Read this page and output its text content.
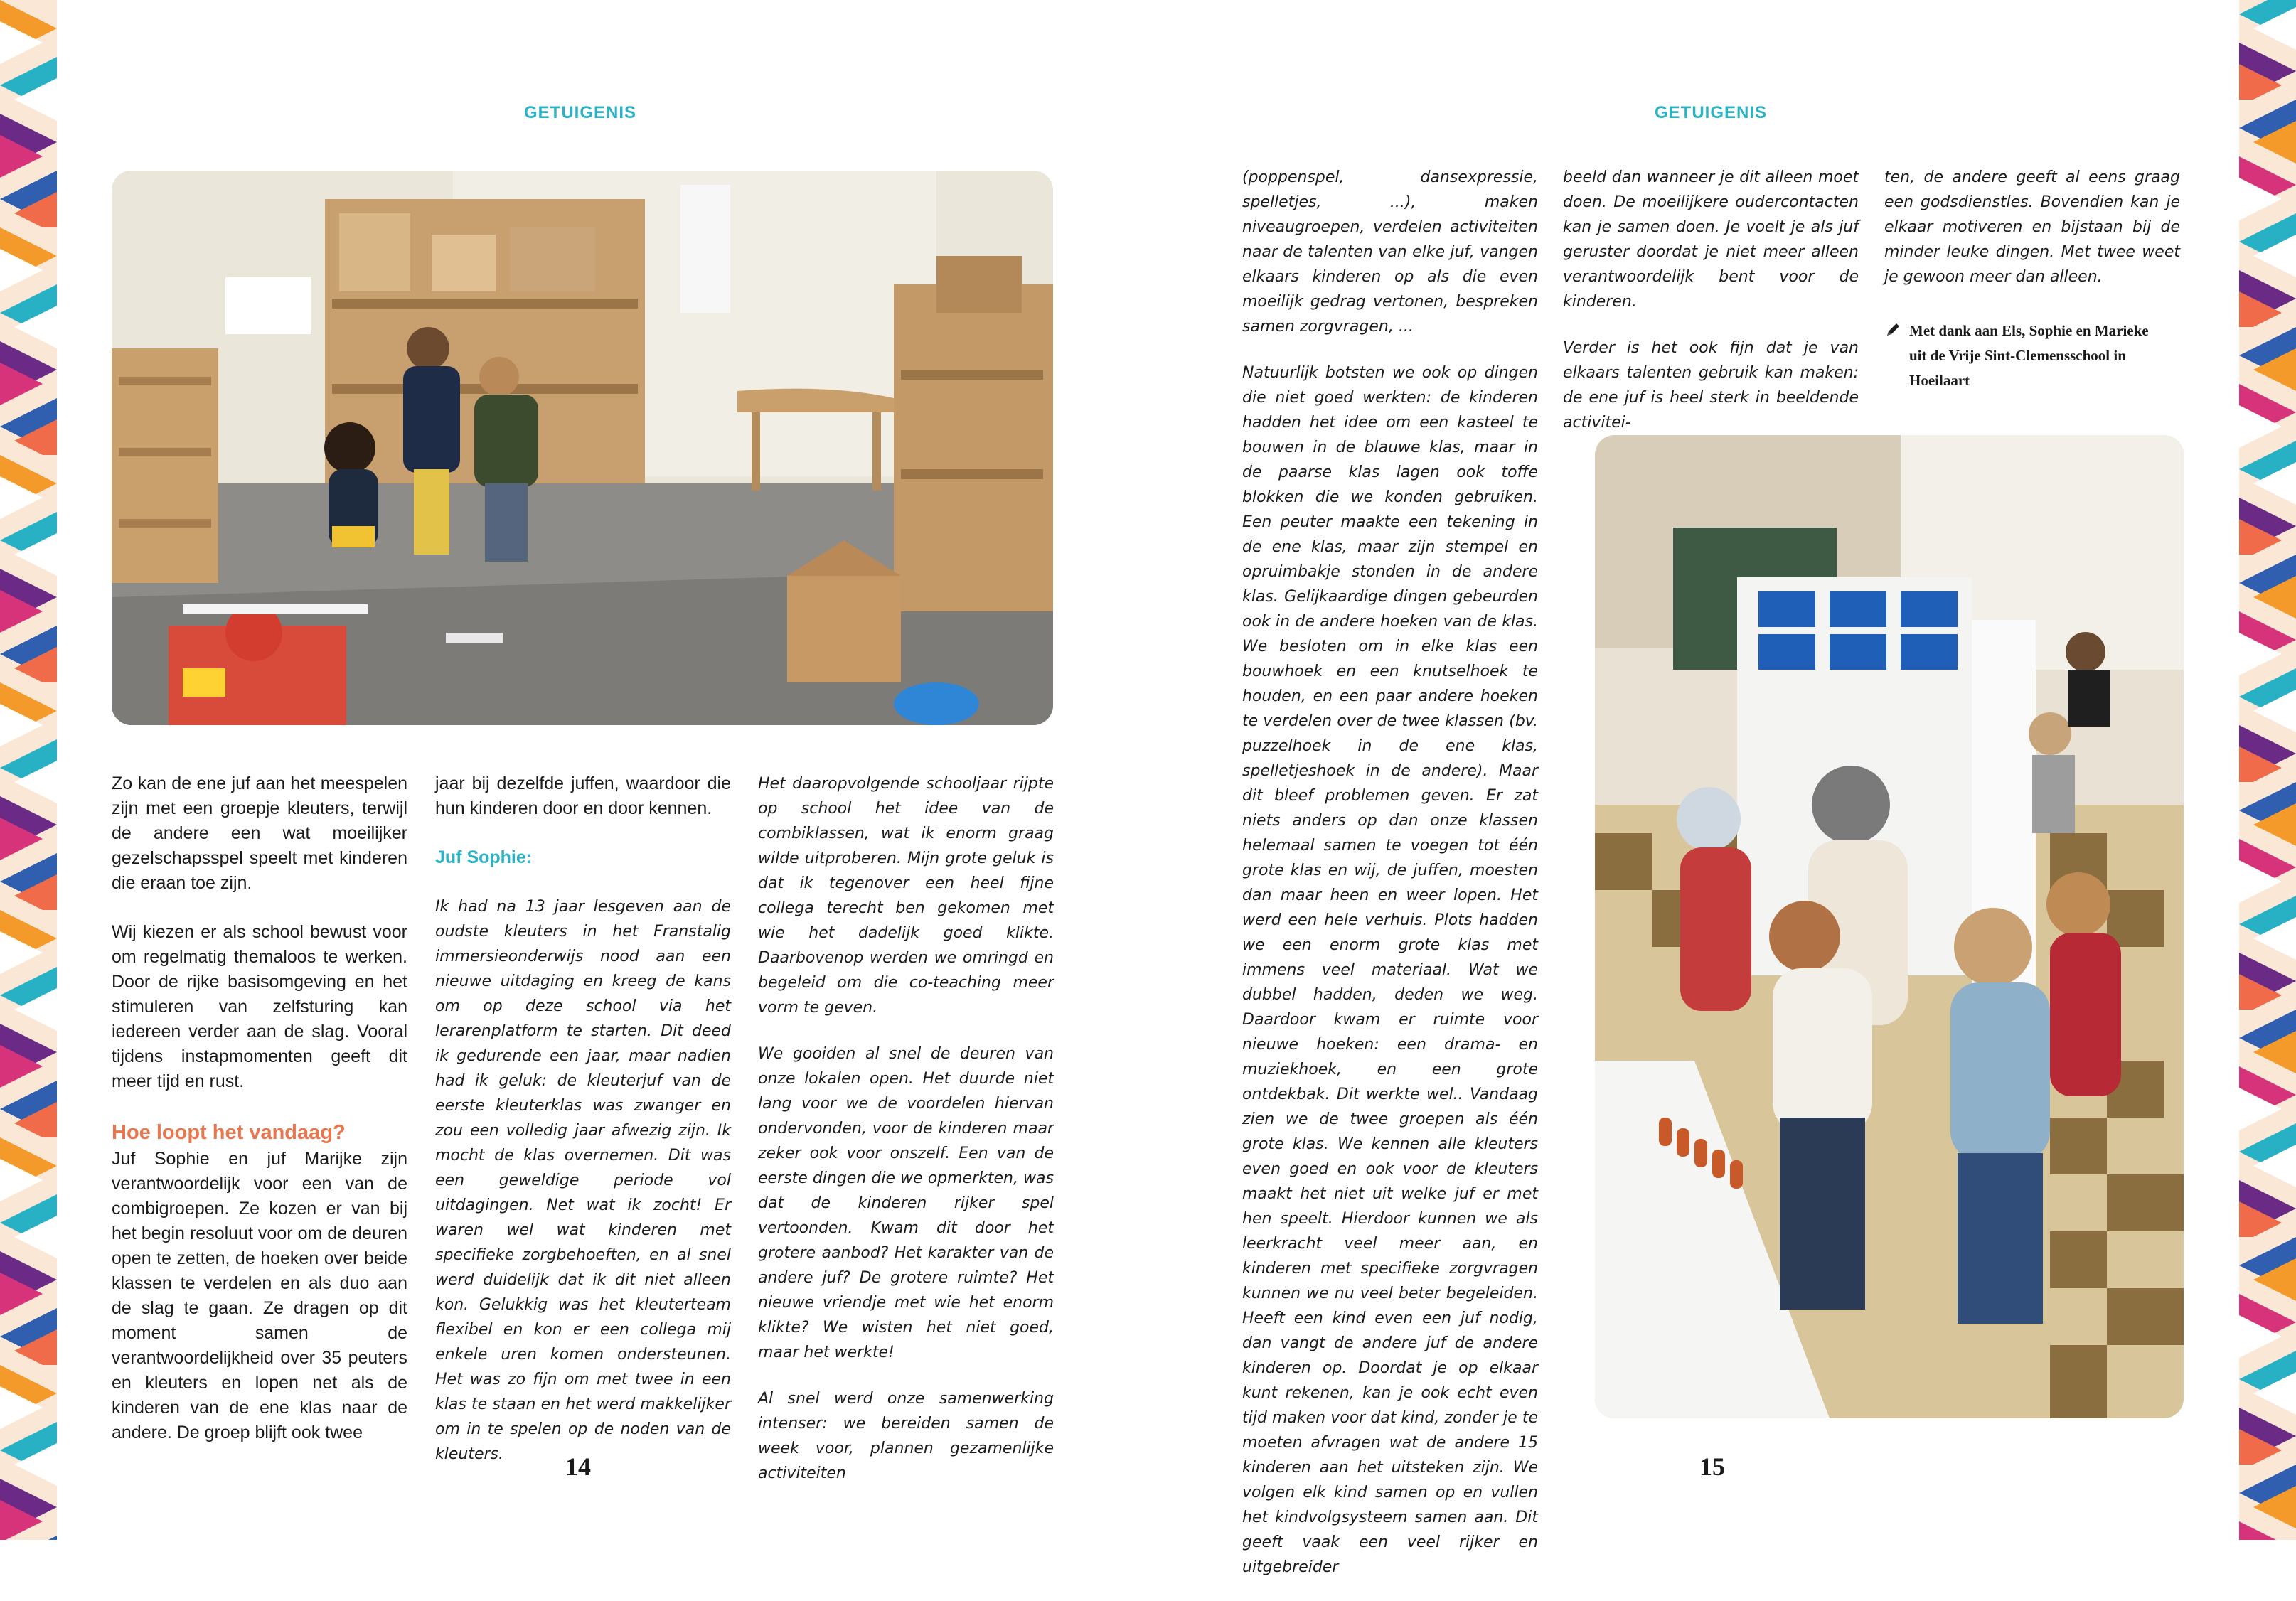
GETUIGENIS

Zo kan de ene juf aan het meespelen zijn met een groepje kleuters, terwijl de andere een wat moeilijker gezelschapsspel speelt met kinderen die eraan toe zijn.

Wij kiezen er als school bewust voor om regelmatig themaloos te werken. Door de rijke basisomgeving en het stimuleren van zelfsturing kan iedereen verder aan de slag. Vooral tijdens instapmomenten geeft dit meer tijd en rust.

Hoe loopt het vandaag?

Juf Sophie en juf Marijke zijn verantwoordelijk voor een van de combigroepen. Ze kozen er van bij het begin resoluut voor om de deuren open te zetten, de hoeken over beide klassen te verdelen en als duo aan de slag te gaan. Ze dragen op dit moment samen de verantwoordelijkheid over 35 peuters en kleuters en lopen net als de kinderen van de ene klas naar de andere. De groep blijft ook twee

jaar bij dezelfde juffen, waardoor die hun kinderen door en door kennen.

Juf Sophie:

Ik had na 13 jaar lesgeven aan de oudste kleuters in het Franstalig immersieonderwijs nood aan een nieuwe uitdaging en kreeg de kans om op deze school via het lerarenplatform te starten. Dit deed ik gedurende een jaar, maar nadien had ik geluk: de kleuterjuf van de eerste kleuterklas was zwanger en zou een volledig jaar afwezig zijn. Ik mocht de klas overnemen. Dit was een geweldige periode vol uitdagingen. Net wat ik zocht! Er waren wel wat kinderen met specifieke zorgbehoeften, en al snel werd duidelijk dat ik dit niet alleen kon. Gelukkig was het kleuterteam flexibel en kon er een collega mij enkele uren komen ondersteunen. Het was zo fijn om met twee in een klas te staan en het werd makkelijker om in te spelen op de noden van de kleuters.

Het daaropvolgende schooljaar rijpte op school het idee van de combiklassen, wat ik enorm graag wilde uitproberen. Mijn grote geluk is dat ik tegenover een heel fijne collega terecht ben gekomen met wie het dadelijk goed klikte. Daarbovenop werden we omringd en begeleid om die co-teaching meer vorm te geven.

We gooiden al snel de deuren van onze lokalen open. Het duurde niet lang voor we de voordelen hiervan ondervonden, voor de kinderen maar zeker ook voor onszelf. Een van de eerste dingen die we opmerkten, was dat de kinderen rijker spel vertoonden. Kwam dit door het grotere aanbod? Het karakter van de andere juf? De grotere ruimte? Het nieuwe vriendje met wie het enorm klikte? We wisten het niet goed, maar het werkte!

Al snel werd onze samenwerking intenser: we bereiden samen de week voor, plannen gezamenlijke activiteiten

14
GETUIGENIS

(poppenspel, dansexpressie, spelletjes, ...), maken niveaugroepen, verdelen activiteiten naar de talenten van elke juf, vangen elkaars kinderen op als die even moeilijk gedrag vertonen, bespreken samen zorgvragen, ...

Natuurlijk botsten we ook op dingen die niet goed werkten: de kinderen hadden het idee om een kasteel te bouwen in de blauwe klas, maar in de paarse klas lagen ook toffe blokken die we konden gebruiken. Een peuter maakte een tekening in de ene klas, maar zijn stempel en opruimbakje stonden in de andere klas. Gelijkaardige dingen gebeurden ook in de andere hoeken van de klas. We besloten om in elke klas een bouwhoek en een knutselhoek te houden, en een paar andere hoeken te verdelen over de twee klassen (bv. puzzelhoek in de ene klas, spelletjeshoek in de andere). Maar dit bleef problemen geven. Er zat niets anders op dan onze klassen helemaal samen te voegen tot één grote klas en wij, de juffen, moesten dan maar heen en weer lopen. Het werd een hele verhuis. Plots hadden we een enorm grote klas met immens veel materiaal. Wat we dubbel hadden, deden we weg. Daardoor kwam er ruimte voor nieuwe hoeken: een drama- en muziekhoek, en een grote ontdekbak. Dit werkte wel.. Vandaag zien we de twee groepen als één grote klas. We kennen alle kleuters even goed en ook voor de kleuters maakt het niet uit welke juf er met hen speelt. Hierdoor kunnen we als leerkracht veel meer aan, en kinderen met specifieke zorgvragen kunnen we nu veel beter begeleiden. Heeft een kind even een juf nodig, dan vangt de andere juf de andere kinderen op. Doordat je op elkaar kunt rekenen, kan je ook echt even tijd maken voor dat kind, zonder je te moeten afvragen wat de andere 15 kinderen aan het uitsteken zijn. We volgen elk kind samen op en vullen het kindvolgsysteem samen aan. Dit geeft vaak een veel rijker en uitgebreider

beeld dan wanneer je dit alleen moet doen. De moeilijkere oudercontacten kan je samen doen. Je voelt je als juf geruster doordat je niet meer alleen verantwoordelijk bent voor de kinderen.

Verder is het ook fijn dat je van elkaars talenten gebruik kan maken: de ene juf is heel sterk in beeldende activitei-

ten, de andere geeft al eens graag een godsdienstles. Bovendien kan je elkaar motiveren en bijstaan bij de minder leuke dingen. Met twee weet je gewoon meer dan alleen.

Met dank aan Els, Sophie en Marieke uit de Vrije Sint-Clemensschool in Hoeilaart
15
